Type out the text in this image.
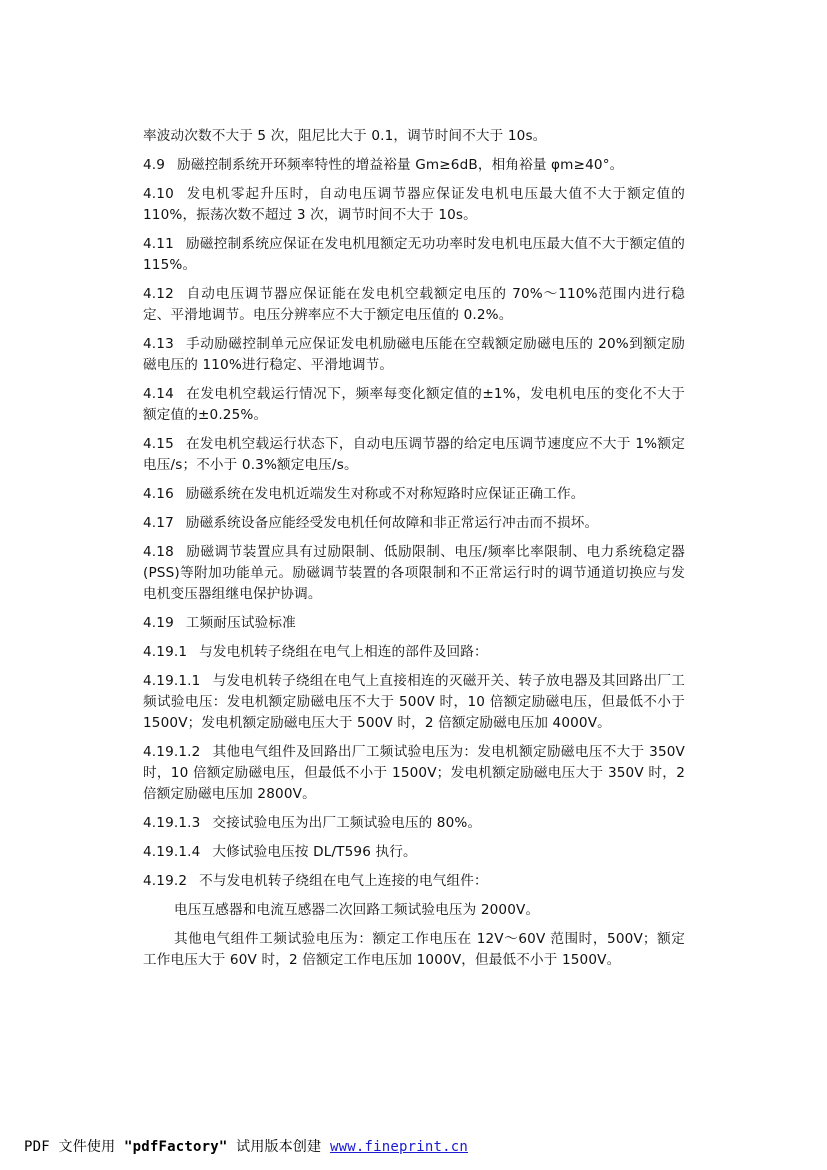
率波动次数不大于 5 次，阻尼比大于 0.1，调节时间不大于 10s。

4.9 励磁控制系统开环频率特性的增益裕量 Gm≥6dB，相角裕量 φm≥40°。

4.10 发电机零起升压时，自动电压调节器应保证发电机电压最大值不大于额定值的 110%，振荡次数不超过 3 次，调节时间不大于 10s。

4.11 励磁控制系统应保证在发电机甩额定无功功率时发电机电压最大值不大于额定值的 115%。

4.12 自动电压调节器应保证能在发电机空载额定电压的 70%～110%范围内进行稳定、平滑地调节。电压分辨率应不大于额定电压值的 0.2%。

4.13 手动励磁控制单元应保证发电机励磁电压能在空载额定励磁电压的 20%到额定励磁电压的 110%进行稳定、平滑地调节。

4.14 在发电机空载运行情况下，频率每变化额定值的±1%，发电机电压的变化不大于额定值的±0.25%。

4.15 在发电机空载运行状态下，自动电压调节器的给定电压调节速度应不大于 1%额定电压/s；不小于 0.3%额定电压/s。

4.16 励磁系统在发电机近端发生对称或不对称短路时应保证正确工作。

4.17 励磁系统设备应能经受发电机任何故障和非正常运行冲击而不损坏。

4.18 励磁调节装置应具有过励限制、低励限制、电压/频率比率限制、电力系统稳定器(PSS)等附加功能单元。励磁调节装置的各项限制和不正常运行时的调节通道切换应与发电机变压器组继电保护协调。

4.19 工频耐压试验标准

4.19.1 与发电机转子绕组在电气上相连的部件及回路：

4.19.1.1 与发电机转子绕组在电气上直接相连的灭磁开关、转子放电器及其回路出厂工频试验电压：发电机额定励磁电压不大于 500V 时，10 倍额定励磁电压，但最低不小于 1500V；发电机额定励磁电压大于 500V 时，2 倍额定励磁电压加 4000V。

4.19.1.2 其他电气组件及回路出厂工频试验电压为：发电机额定励磁电压不大于 350V 时，10 倍额定励磁电压，但最低不小于 1500V；发电机额定励磁电压大于 350V 时，2 倍额定励磁电压加 2800V。

4.19.1.3 交接试验电压为出厂工频试验电压的 80%。

4.19.1.4 大修试验电压按 DL/T596 执行。

4.19.2 不与发电机转子绕组在电气上连接的电气组件：

电压互感器和电流互感器二次回路工频试验电压为 2000V。

其他电气组件工频试验电压为：额定工作电压在 12V～60V 范围时，500V；额定工作电压大于 60V 时，2 倍额定工作电压加 1000V，但最低不小于 1500V。

PDF 文件使用 "pdfFactory" 试用版本创建 www.fineprint.cn
